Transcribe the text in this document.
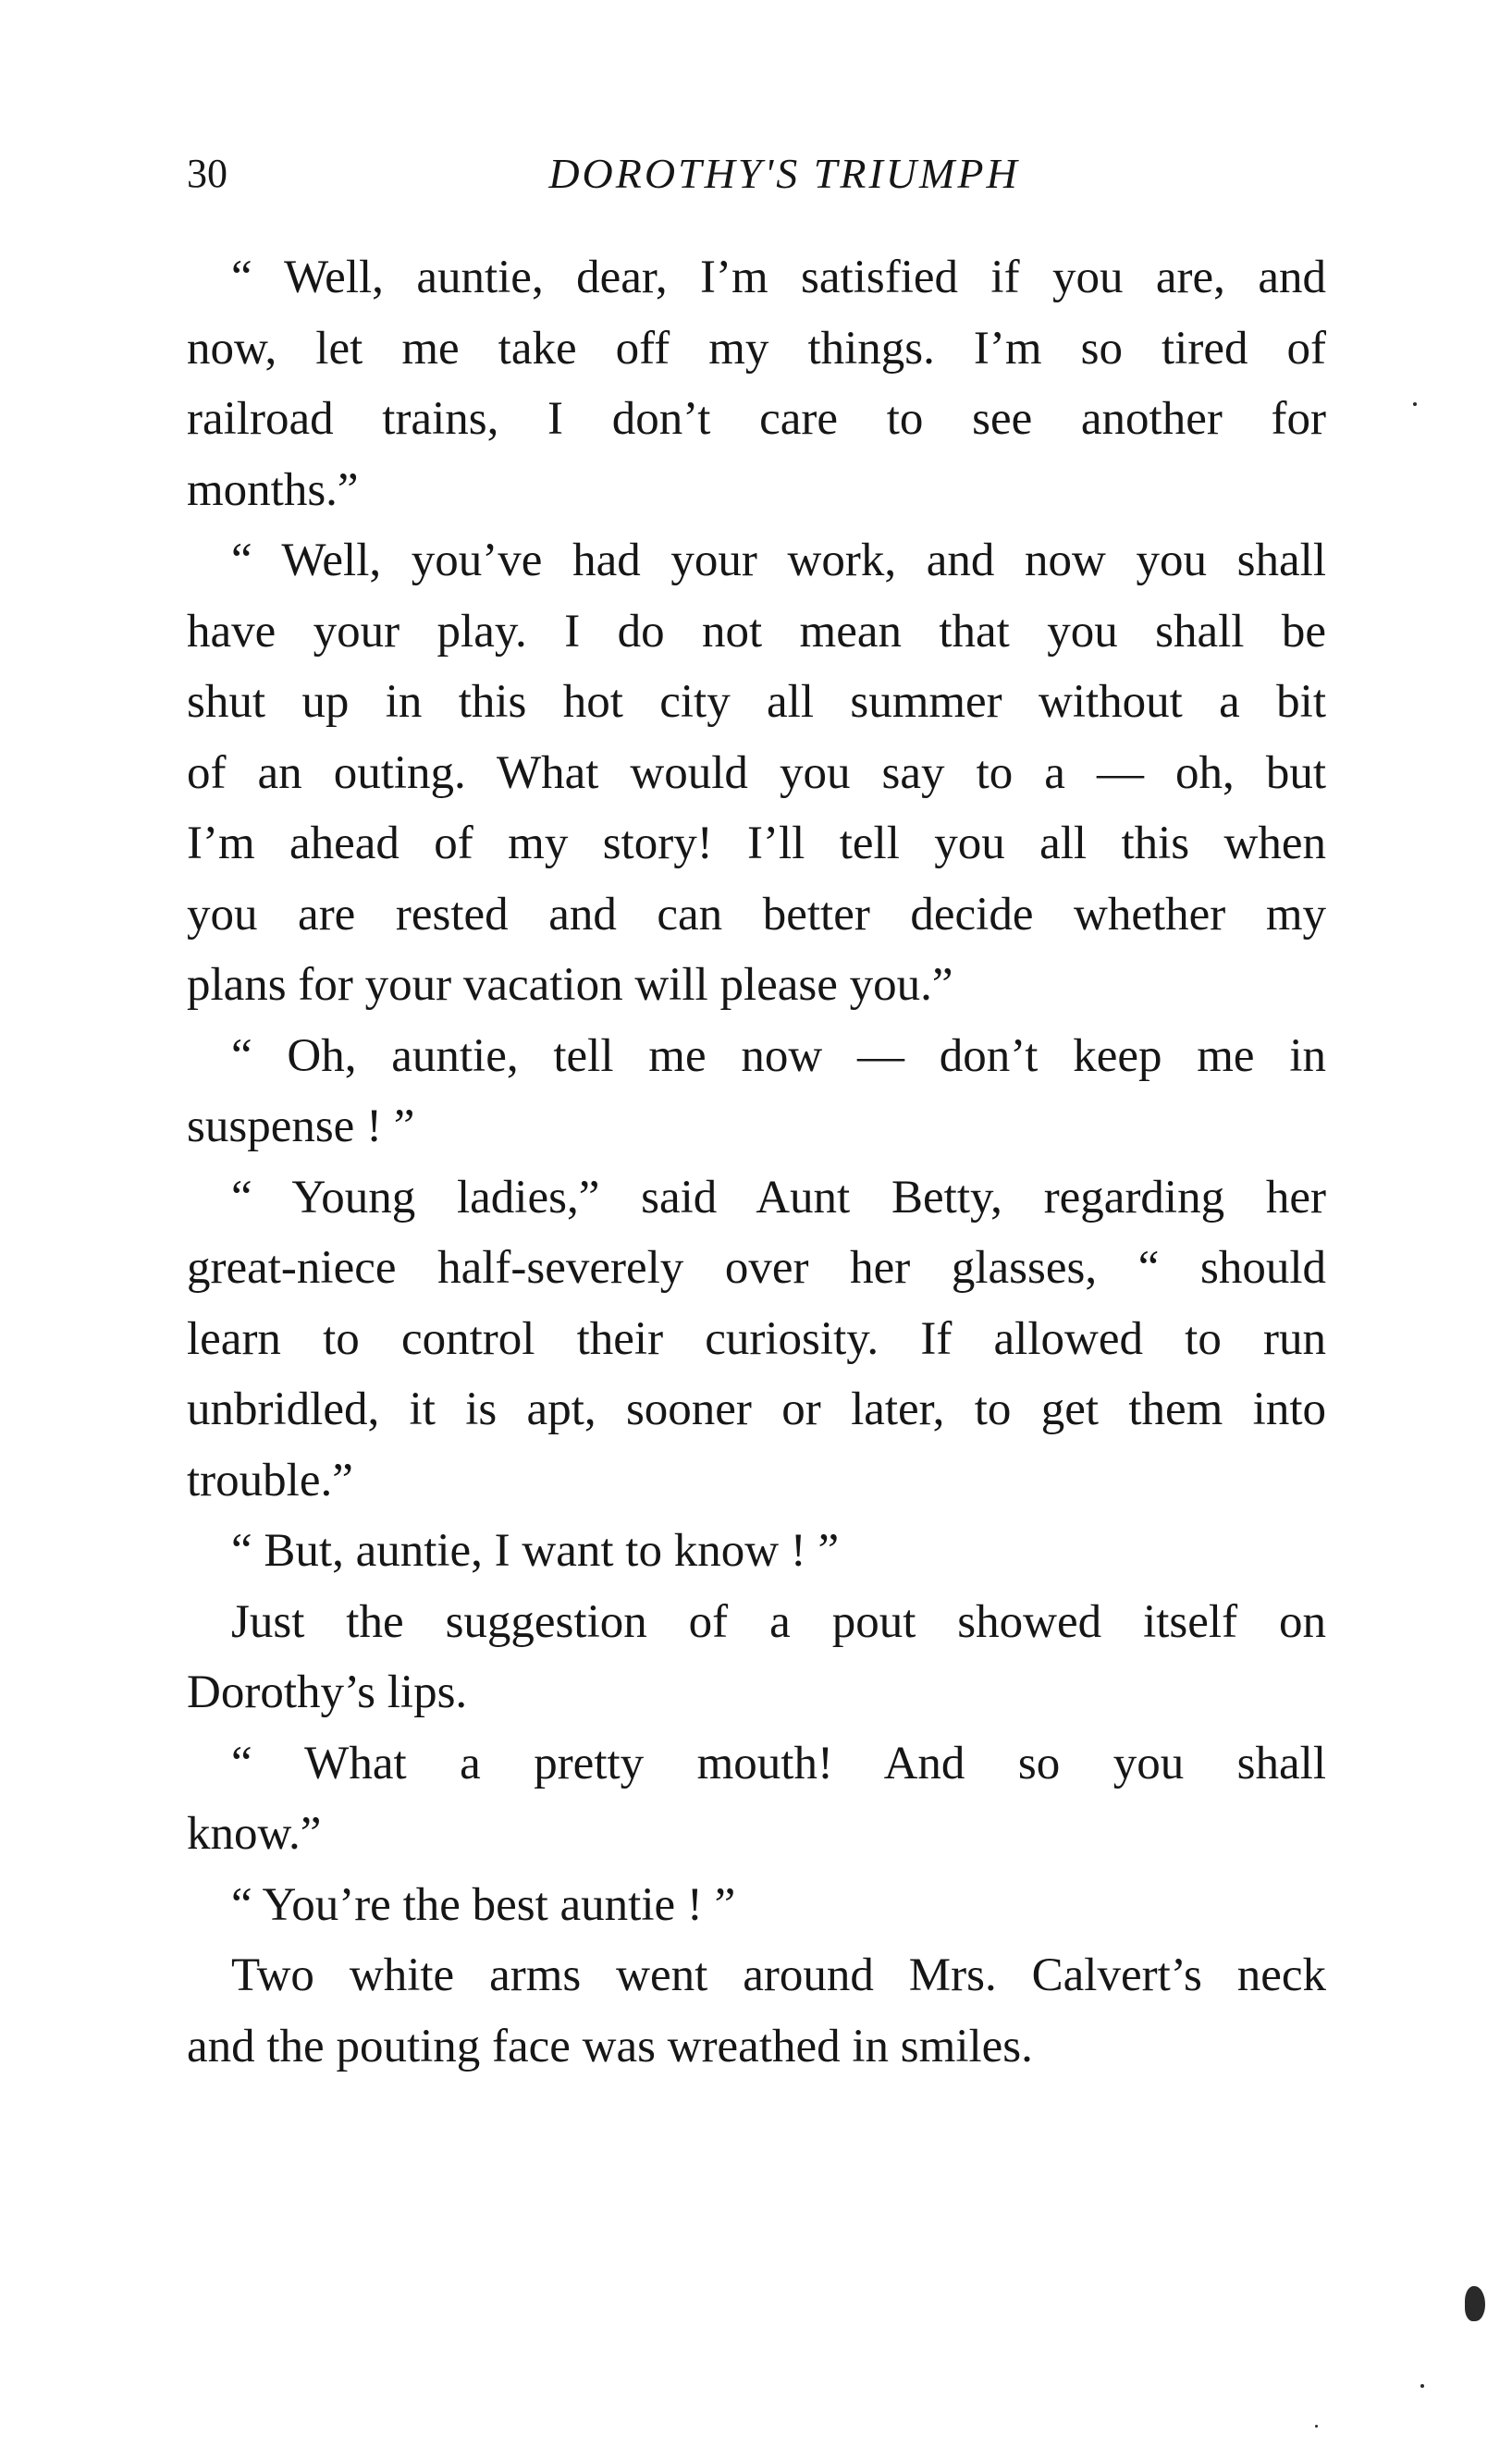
30	DOROTHY'S TRIUMPH
“ Well, auntie, dear, I’m satisfied if you are, and
now, let me take off my things. I’m so tired of
railroad trains, I don’t care to see another for
months.”
“ Well, you’ve had your work, and now you shall
have your play. I do not mean that you shall be
shut up in this hot city all summer without a bit
of an outing. What would you say to a — oh, but
I’m ahead of my story! I’ll tell you all this when
you are rested and can better decide whether my
plans for your vacation will please you.”
“ Oh, auntie, tell me now — don’t keep me in
suspense ! ”
“ Young ladies,” said Aunt Betty, regarding her
great-niece half-severely over her glasses, “ should
learn to control their curiosity. If allowed to run
unbridled, it is apt, sooner or later, to get them into
trouble.”
“ But, auntie, I want to know ! ”
Just the suggestion of a pout showed itself on
Dorothy’s lips.
“ What a pretty mouth! And so you shall
know.”
“ You’re the best auntie ! ”
Two white arms went around Mrs. Calvert’s neck
and the pouting face was wreathed in smiles.
